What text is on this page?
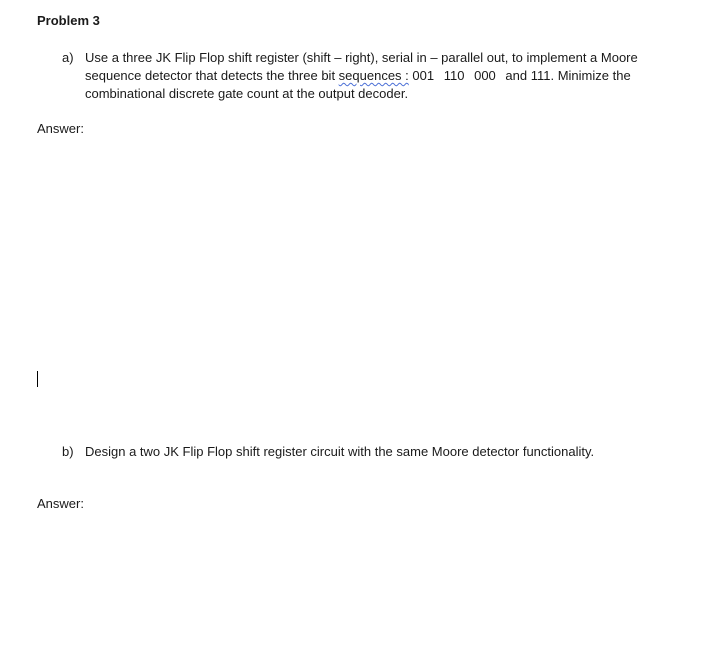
Problem 3
a) Use a three JK Flip Flop shift register (shift – right), serial in – parallel out, to implement a Moore sequence detector that detects the three bit sequences : 001 110 000 and 111. Minimize the combinational discrete gate count at the output decoder.
Answer:
b) Design a two JK Flip Flop shift register circuit with the same Moore detector functionality.
Answer:
